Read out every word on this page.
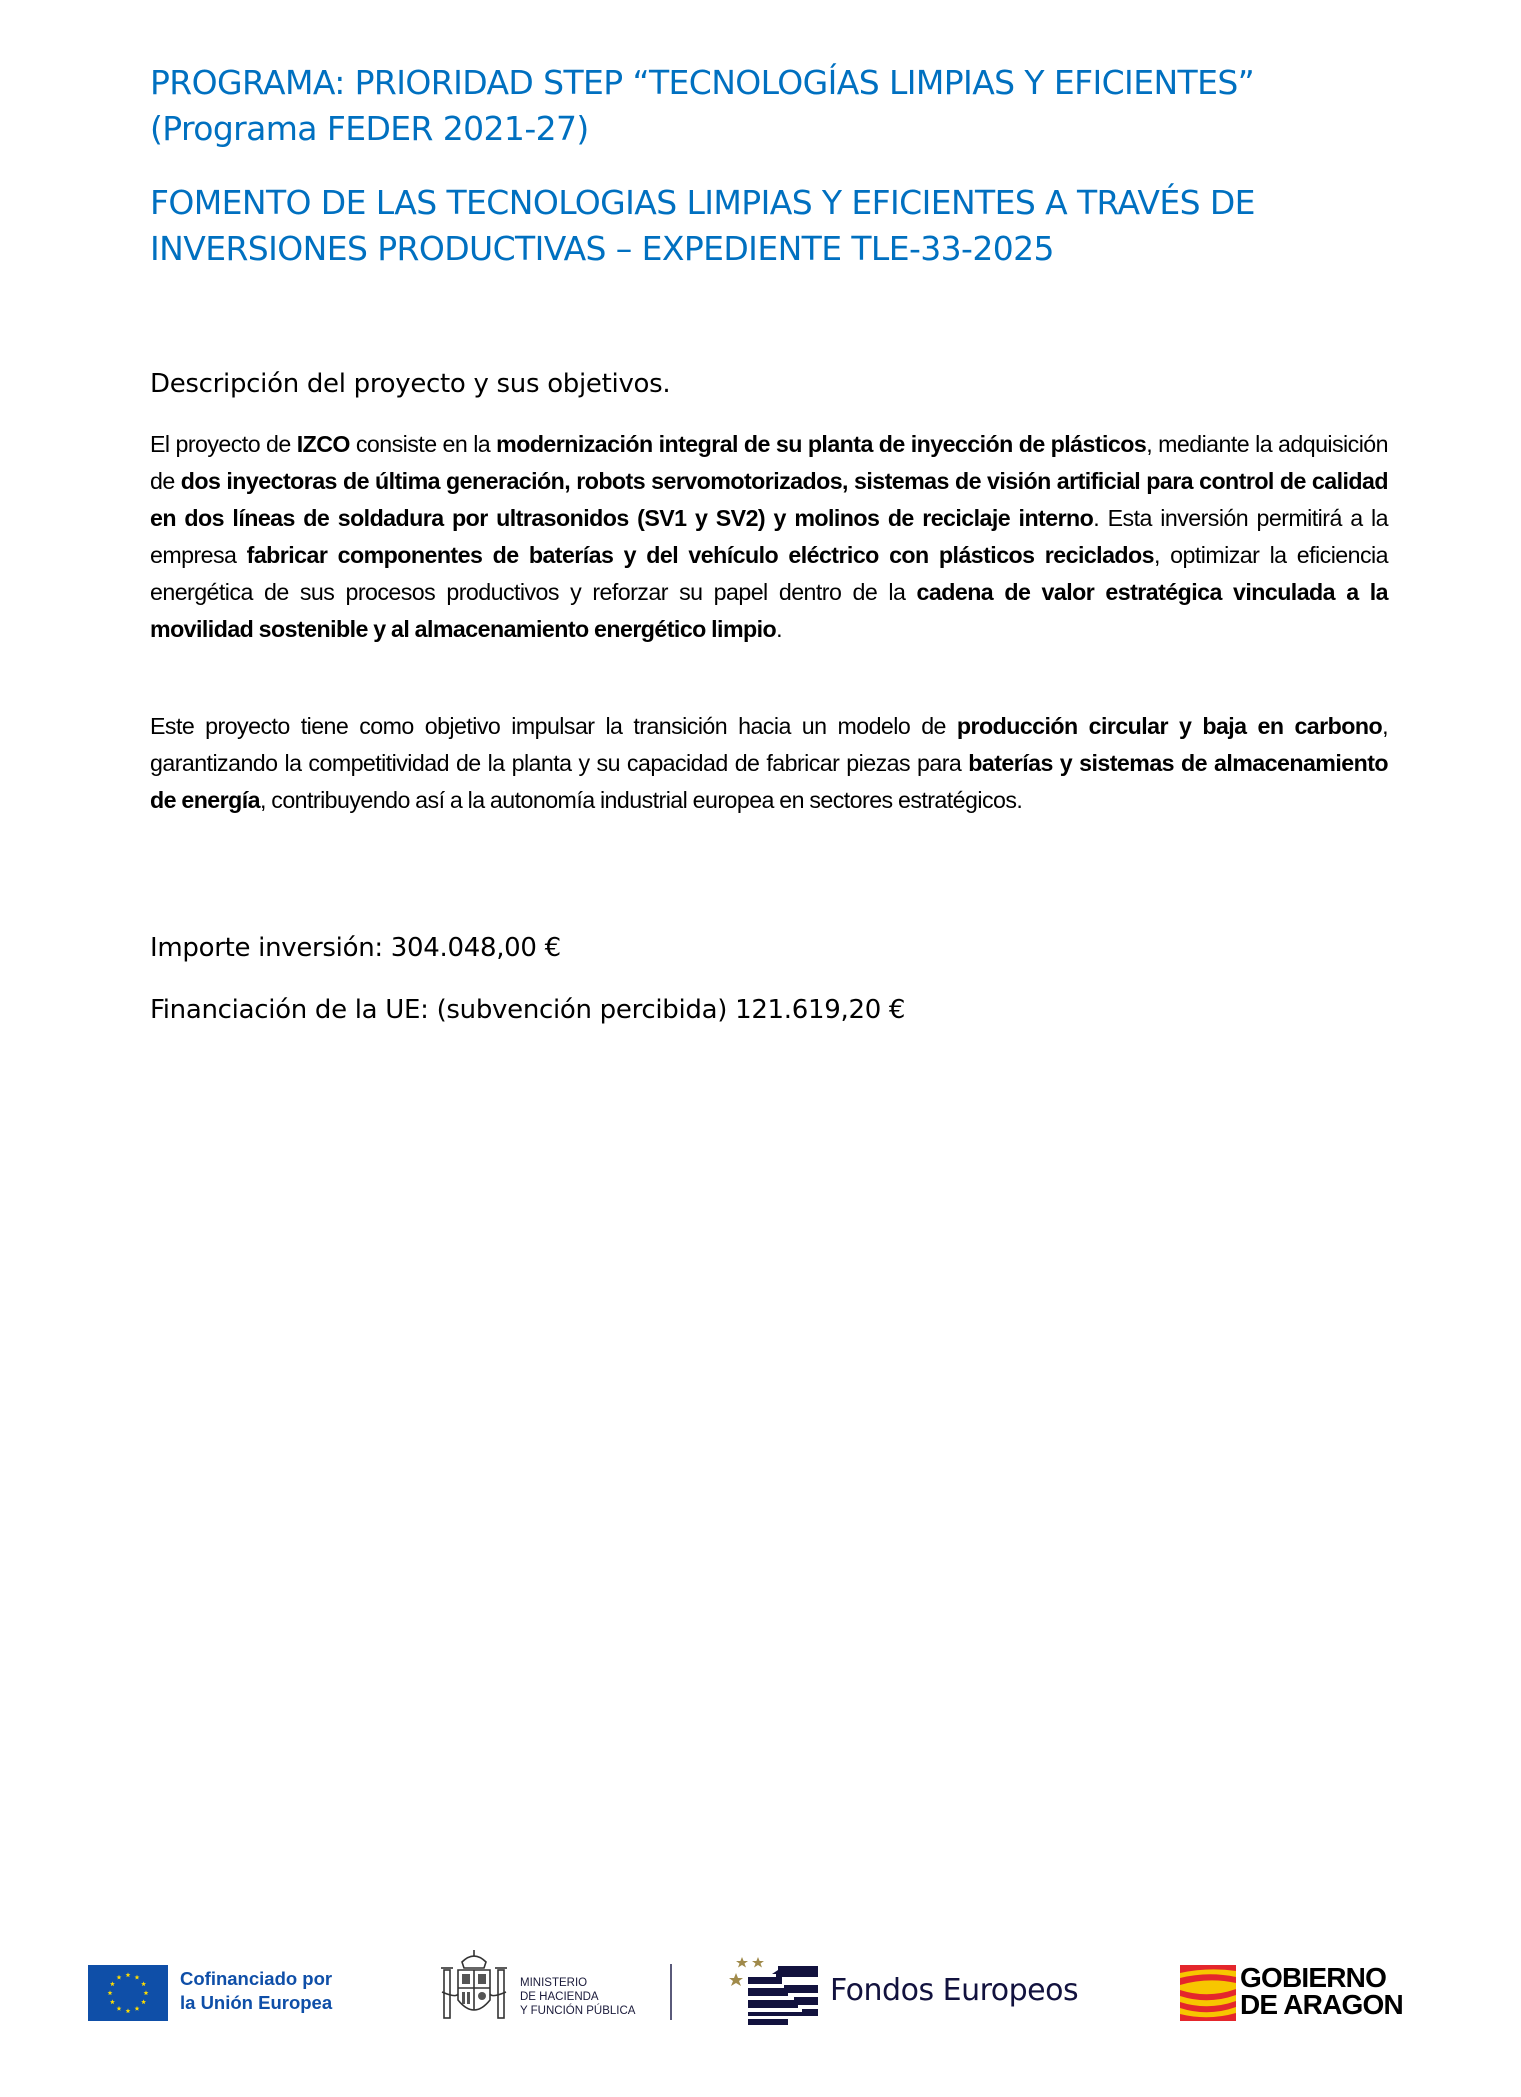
PROGRAMA: PRIORIDAD STEP “TECNOLOGÍAS LIMPIAS Y EFICIENTES”
(Programa FEDER 2021-27)
FOMENTO DE LAS TECNOLOGIAS LIMPIAS Y EFICIENTES A TRAVÉS DE
INVERSIONES PRODUCTIVAS – EXPEDIENTE TLE-33-2025
Descripción del proyecto y sus objetivos.

El proyecto de IZCO consiste en la modernización integral de su planta de inyección de plásticos, mediante la adquisición de dos inyectoras de última generación, robots servomotorizados, sistemas de visión artificial para control de calidad en dos líneas de soldadura por ultrasonidos (SV1 y SV2) y molinos de reciclaje interno. Esta inversión permitirá a la empresa fabricar componentes de baterías y del vehículo eléctrico con plásticos reciclados, optimizar la eficiencia energética de sus procesos productivos y reforzar su papel dentro de la cadena de valor estratégica vinculada a la movilidad sostenible y al almacenamiento energético limpio.

Este proyecto tiene como objetivo impulsar la transición hacia un modelo de producción circular y baja en carbono, garantizando la competitividad de la planta y su capacidad de fabricar piezas para baterías y sistemas de almacenamiento de energía, contribuyendo así a la autonomía industrial europea en sectores estratégicos.

Importe inversión: 304.048,00 €

Financiación de la UE: (subvención percibida) 121.619,20 €

Cofinanciado por
la Unión Europea
MINISTERIO
DE HACIENDA
Y FUNCIÓN PÚBLICA
Fondos Europeos	GOBIERNO
DE ARAGON
